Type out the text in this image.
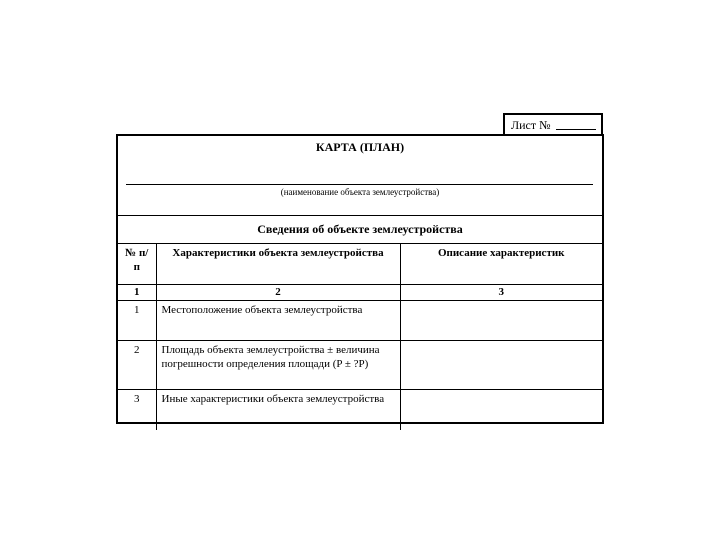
Лист №
КАРТА (ПЛАН)
(наименование объекта землеустройства)
Сведения об объекте землеустройства
№ п/п	Характеристики объекта землеустройства	Описание характеристик
1	2	3
1	Местоположение объекта землеустройства	
2	Площадь объекта землеустройства ± величина погрешности определения площади (P ± ?P)	
3	Иные характеристики объекта землеустройства	
